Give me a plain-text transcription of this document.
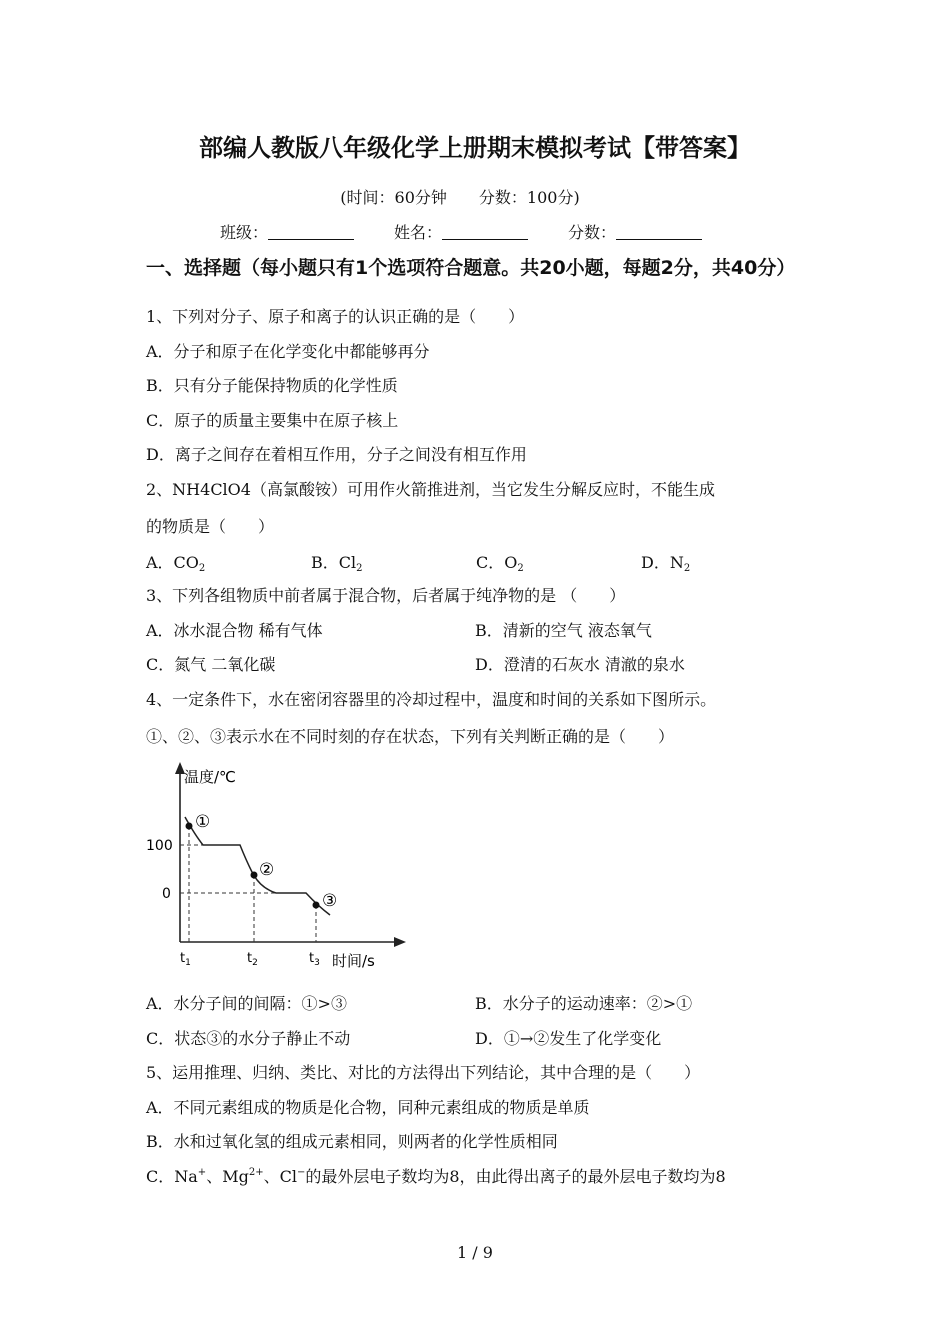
部编人教版八年级化学上册期末模拟考试【带答案】
(时间：60分钟　　分数：100分)
班级：	姓名：	分数：
一、选择题（每小题只有1个选项符合题意。共20小题，每题2分，共40分）
1、下列对分子、原子和离子的认识正确的是（　　）
A．分子和原子在化学变化中都能够再分
B．只有分子能保持物质的化学性质
C．原子的质量主要集中在原子核上
D．离子之间存在着相互作用，分子之间没有相互作用
2、NH4ClO4（高氯酸铵）可用作火箭推进剂，当它发生分解反应时，不能生成
的物质是（　　）
A．$CO_2$	B．$Cl_2$	C．$O_2$	D．$N_2$
3、下列各组物质中前者属于混合物，后者属于纯净物的是 （　　）
A．冰水混合物 稀有气体	B．清新的空气 液态氧气
C．氮气 二氧化碳	D．澄清的石灰水 清澈的泉水
4、一定条件下，水在密闭容器里的冷却过程中，温度和时间的关系如下图所示。
①、②、③表示水在不同时刻的存在状态，下列有关判断正确的是（　　）
①
②
③
温度/℃
100
0
$t_1$	$t_2$	$t_3$ 时间/s
A．水分子间的间隔：①>③	B．水分子的运动速率：②>①
C．状态③的水分子静止不动	D．①→②发生了化学变化
5、运用推理、归纳、类比、对比的方法得出下列结论，其中合理的是（　　）
A．不同元素组成的物质是化合物，同种元素组成的物质是单质
B．水和过氧化氢的组成元素相同，则两者的化学性质相同
C．Na+、$Mg^{2+}$、Cl−的最外层电子数均为8，由此得出离子的最外层电子数均为8
1 / 9
